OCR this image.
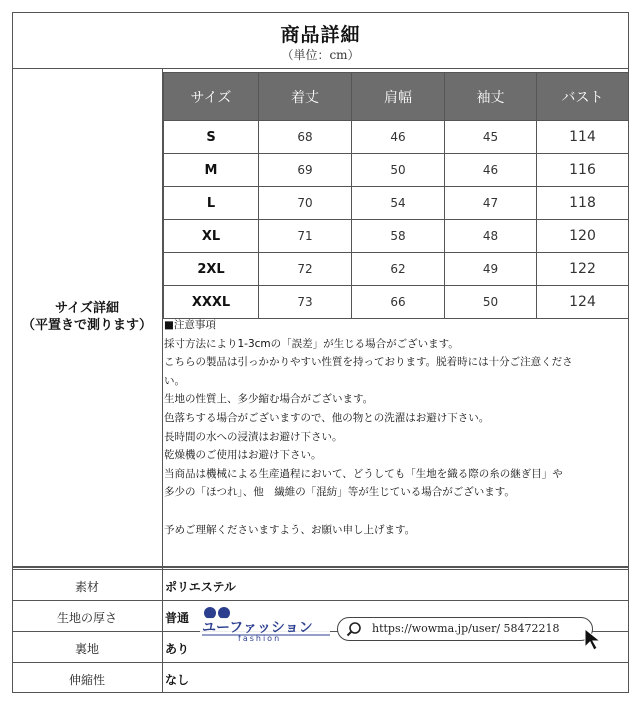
商品詳細
（単位：cm）
サイズ詳細
（平置きで測ります）
サイズ	着丈	肩幅	袖丈	バスト
S	68	46	45	114
M	69	50	46	116
L	70	54	47	118
XL	71	58	48	120
2XL	72	62	49	122
XXXL	73	66	50	124
■注意事項
採寸方法により1-3cmの「誤差」が生じる場合がございます。
こちらの製品は引っかかりやすい性質を持っております。脱着時には十分ご注意くださ
い。
生地の性質上、多少縮む場合がございます。
色落ちする場合がございますので、他の物との洗濯はお避け下さい。
長時間の水への浸漬はお避け下さい。
乾燥機のご使用はお避け下さい。
当商品は機械による生産過程において、どうしても「生地を織る際の糸の継ぎ目」や
多少の「ほつれ」、他　繊維の「混紡」等が生じている場合がございます。
予めご理解くださいますよう、お願い申し上げます。
素材	ポリエステル
生地の厚さ	普通
裏地	あり
伸縮性	なし
ユーファッション
fashion
https://wowma.jp/user/ 58472218
